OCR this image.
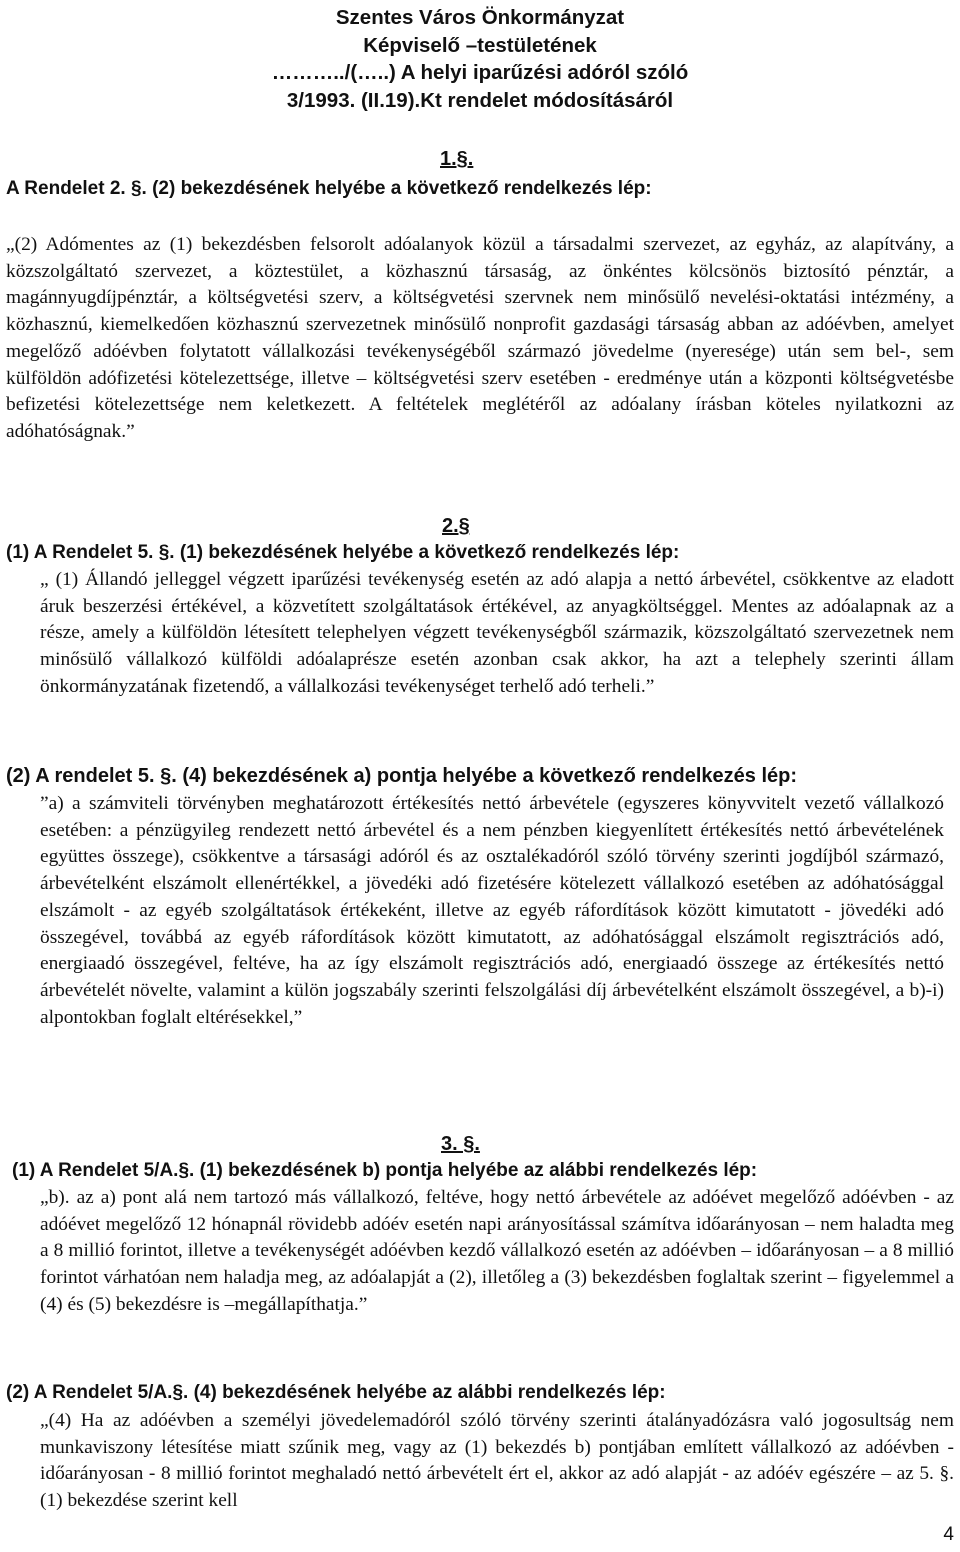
Szentes Város Önkormányzat
Képviselő –testületének
………../(…..) A helyi iparűzési adóról szóló
3/1993. (II.19).Kt rendelet módosításáról
1.§.
A Rendelet 2. §. (2) bekezdésének helyébe a következő rendelkezés lép:

„(2) Adómentes az (1) bekezdésben felsorolt adóalanyok közül a társadalmi szervezet, az egyház, az alapítvány, a közszolgáltató szervezet, a köztestület, a közhasznú társaság, az önkéntes kölcsönös biztosító pénztár, a magánnyugdíjpénztár, a költségvetési szerv, a költségvetési szervnek nem minősülő nevelési-oktatási intézmény, a közhasznú, kiemelkedően közhasznú szervezetnek minősülő nonprofit gazdasági társaság abban az adóévben, amelyet megelőző adóévben folytatott vállalkozási tevékenységéből származó jövedelme (nyeresége) után sem bel-, sem külföldön adófizetési kötelezettsége, illetve – költségvetési szerv esetében - eredménye után a központi költségvetésbe befizetési kötelezettsége nem keletkezett. A feltételek meglétéről az adóalany írásban köteles nyilatkozni az adóhatóságnak.”

2.§
(1) A Rendelet 5. §. (1) bekezdésének helyébe a következő rendelkezés lép:

„ (1) Állandó jelleggel végzett iparűzési tevékenység esetén az adó alapja a nettó árbevétel, csökkentve az eladott áruk beszerzési értékével, a közvetített szolgáltatások értékével, az anyagköltséggel. Mentes az adóalapnak az a része, amely a külföldön létesített telephelyen végzett tevékenységből származik, közszolgáltató szervezetnek nem minősülő vállalkozó külföldi adóalaprésze esetén azonban csak akkor, ha azt a telephely szerinti állam önkormányzatának fizetendő, a vállalkozási tevékenységet terhelő adó terheli.”

(2) A rendelet 5. §. (4) bekezdésének a) pontja helyébe a következő rendelkezés lép:

”a) a számviteli törvényben meghatározott értékesítés nettó árbevétele (egyszeres könyvvitelt vezető vállalkozó esetében: a pénzügyileg rendezett nettó árbevétel és a nem pénzben kiegyenlített értékesítés nettó árbevételének együttes összege), csökkentve a társasági adóról és az osztalékadóról szóló törvény szerinti jogdíjból származó, árbevételként elszámolt ellenértékkel, a jövedéki adó fizetésére kötelezett vállalkozó esetében az adóhatósággal elszámolt - az egyéb szolgáltatások értékeként, illetve az egyéb ráfordítások között kimutatott - jövedéki adó összegével, továbbá az egyéb ráfordítások között kimutatott, az adóhatósággal elszámolt regisztrációs adó, energiaadó összegével, feltéve, ha az így elszámolt regisztrációs adó, energiaadó összege az értékesítés nettó árbevételét növelte, valamint a külön jogszabály szerinti felszolgálási díj árbevételként elszámolt összegével, a b)-i) alpontokban foglalt eltérésekkel,”

3. §.
(1) A Rendelet 5/A.§. (1) bekezdésének b) pontja helyébe az alábbi rendelkezés lép:

„b). az a) pont alá nem tartozó más vállalkozó, feltéve, hogy nettó árbevétele az adóévet megelőző adóévben - az adóévet megelőző 12 hónapnál rövidebb adóév esetén napi arányosítással számítva időarányosan – nem haladta meg a 8 millió forintot, illetve a tevékenységét adóévben kezdő vállalkozó esetén az adóévben – időarányosan – a 8 millió forintot várhatóan nem haladja meg, az adóalapját a (2), illetőleg a (3) bekezdésben foglaltak szerint – figyelemmel a (4) és (5) bekezdésre is –megállapíthatja.”

(2) A Rendelet 5/A.§. (4) bekezdésének helyébe az alábbi rendelkezés lép:

„(4) Ha az adóévben a személyi jövedelemadóról szóló törvény szerinti átalányadózásra való jogosultság nem munkaviszony létesítése miatt szűnik meg, vagy az (1) bekezdés b) pontjában említett vállalkozó az adóévben - időarányosan - 8 millió forintot meghaladó nettó árbevételt ért el, akkor az adó alapját - az adóév egészére – az 5. §. (1) bekezdése szerint kell

4
